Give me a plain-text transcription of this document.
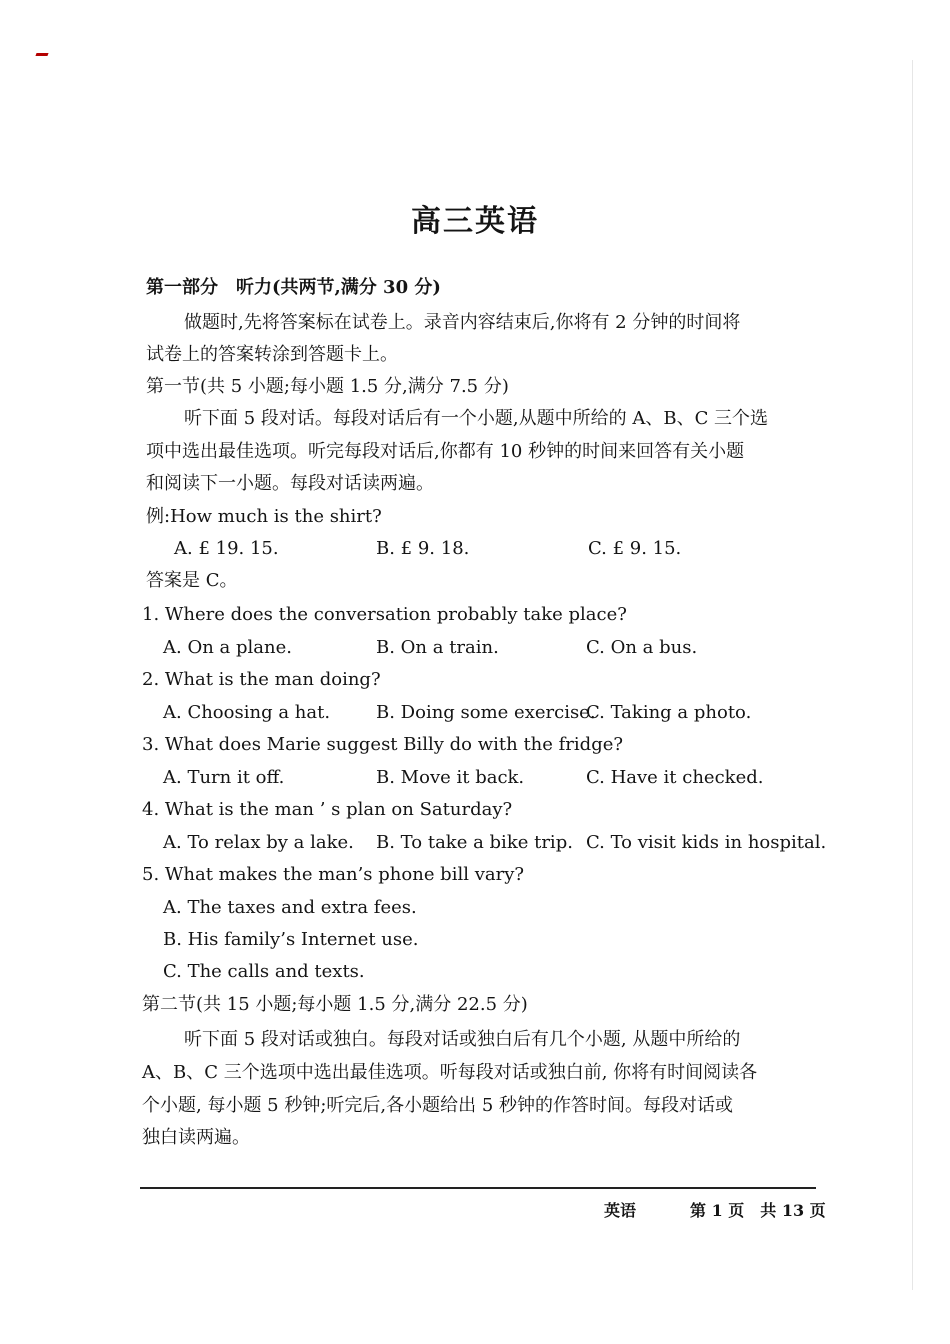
高三英语
第一部分　听力(共两节,满分 30 分)
做题时,先将答案标在试卷上。录音内容结束后,你将有 2 分钟的时间将
试卷上的答案转涂到答题卡上。
第一节(共 5 小题;每小题 1.5 分,满分 7.5 分)
听下面 5 段对话。每段对话后有一个小题,从题中所给的 A、B、C 三个选
项中选出最佳选项。听完每段对话后,你都有 10 秒钟的时间来回答有关小题
和阅读下一小题。每段对话读两遍。
例:How much is the shirt?
A. £ 19. 15.	B. £ 9. 18.	C. £ 9. 15.
答案是 C。
1. Where does the conversation probably take place?
A. On a plane.	B. On a train.	C. On a bus.
2. What is the man doing?
A. Choosing a hat.	B. Doing some exercise.
C. Taking a photo.
3. What does Marie suggest Billy do with the fridge?
A. Turn it off.	B. Move it back.	C. Have it checked.
4. What is the man ’ s plan on Saturday?
A. To relax by a lake. B. To take a bike trip. C. To visit kids in hospital.
5. What makes the man’s phone bill vary?
A. The taxes and extra fees.
B. His family’s Internet use.
C. The calls and texts.
第二节(共 15 小题;每小题 1.5 分,满分 22.5 分)
听下面 5 段对话或独白。每段对话或独白后有几个小题, 从题中所给的
A、B、C 三个选项中选出最佳选项。听每段对话或独白前, 你将有时间阅读各
个小题, 每小题 5 秒钟;听完后,各小题给出 5 秒钟的作答时间。每段对话或
独白读两遍。
英语	第 1 页　共 13 页
